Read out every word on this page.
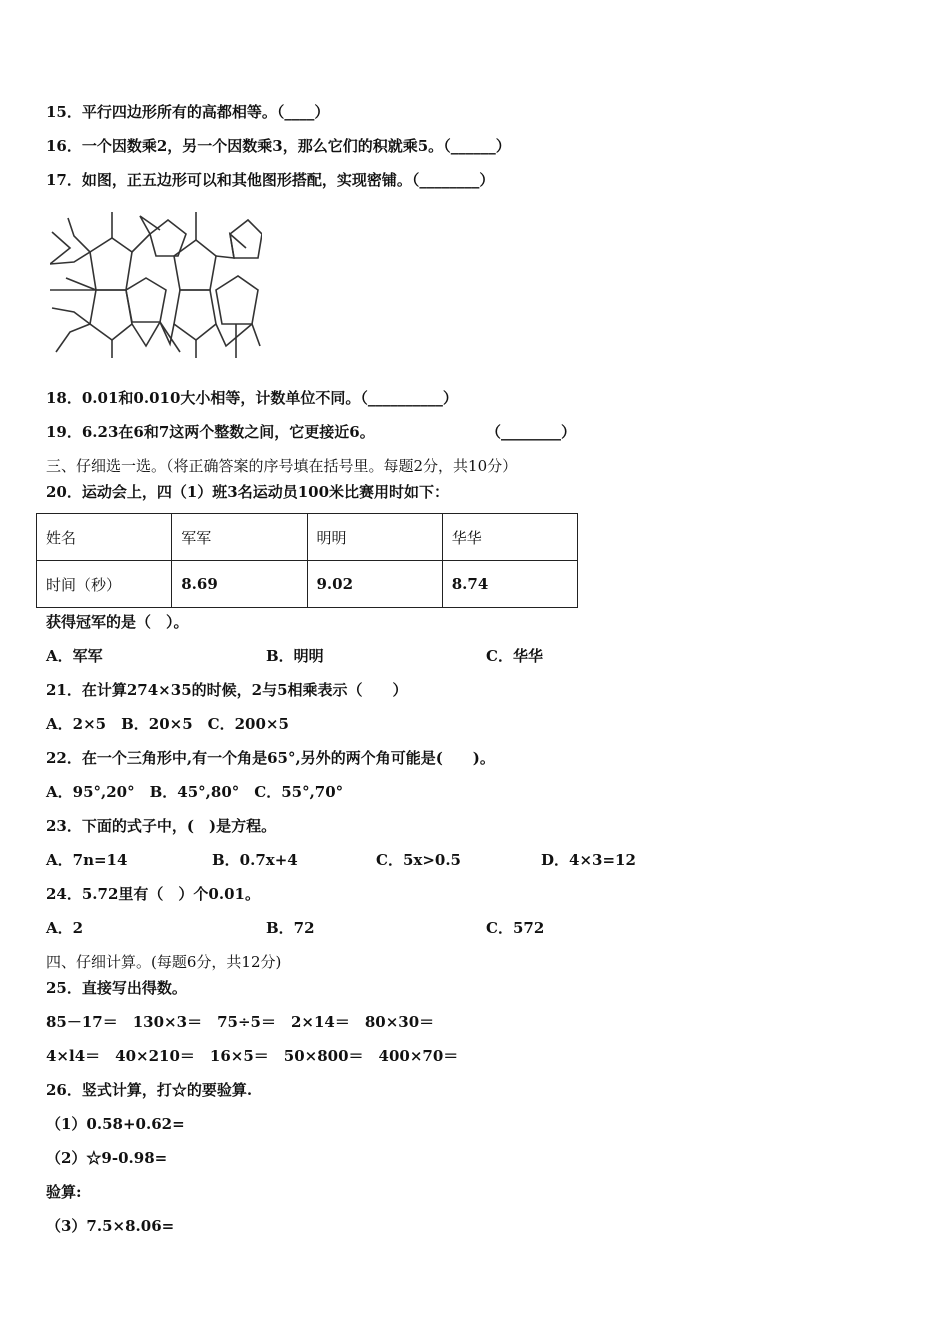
15．平行四边形所有的高都相等。（____）
16．一个因数乘2，另一个因数乘3，那么它们的积就乘5。（______）
17．如图，正五边形可以和其他图形搭配，实现密铺。（________）
18．0.01和0.010大小相等，计数单位不同。（__________）
19．6.23在6和7这两个整数之间，它更接近6。	（________）
三、仔细选一选。（将正确答案的序号填在括号里。每题2分，共10分）
20．运动会上，四（1）班3名运动员100米比赛用时如下：
姓名	军军	明明	华华
时间（秒）	8.69	9.02	8.74
获得冠军的是（　）。
A．军军	B．明明	C．华华
21．在计算274×35的时候，2与5相乘表示（　　）
A．2×5　B．20×5　C．200×5
22．在一个三角形中,有一个角是65°,另外的两个角可能是(　　)。
A．95°,20°　B．45°,80°　C．55°,70°
23．下面的式子中，(　)是方程。
A．7n=14	B．0.7x+4	C．5x>0.5	D．4×3=12
24．5.72里有（　）个0.01。
A．2	B．72	C．572
四、仔细计算。(每题6分，共12分)
25．直接写出得数。
85－17＝　130×3＝　75÷5＝　2×14＝　80×30＝
4×l4＝　40×210＝　16×5＝　50×800＝　400×70＝
26．竖式计算，打☆的要验算.
（1）0.58+0.62=
（2）☆9-0.98=
验算:
（3）7.5×8.06=
